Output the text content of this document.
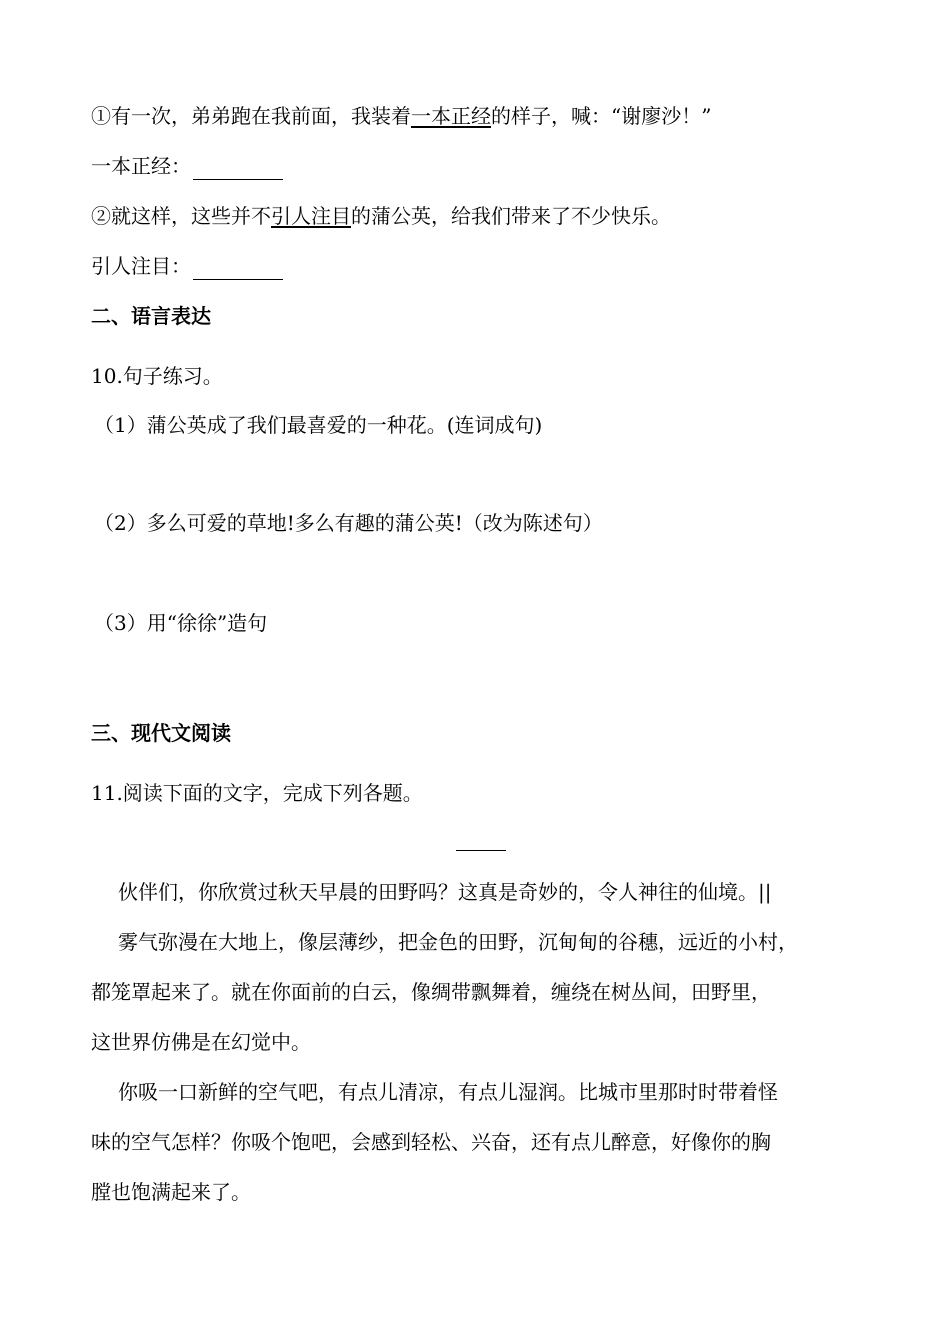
①有一次，弟弟跑在我前面，我装着一本正经的样子，喊：“谢廖沙！”
一本正经：
②就这样，这些并不引人注目的蒲公英，给我们带来了不少快乐。
引人注目：
二、语言表达
10.句子练习。
（1）蒲公英成了我们最喜爱的一种花。(连词成句)
（2）多么可爱的草地!多么有趣的蒲公英!（改为陈述句）
（3）用“徐徐”造句
三、现代文阅读
11.阅读下面的文字，完成下列各题。
伙伴们，你欣赏过秋天早晨的田野吗？这真是奇妙的，令人神往的仙境。||
雾气弥漫在大地上，像层薄纱，把金色的田野，沉甸甸的谷穗，远近的小村，
都笼罩起来了。就在你面前的白云，像绸带飘舞着，缠绕在树丛间，田野里，
这世界仿佛是在幻觉中。
你吸一口新鲜的空气吧，有点儿清凉，有点儿湿润。比城市里那时时带着怪
味的空气怎样？你吸个饱吧，会感到轻松、兴奋，还有点儿醉意，好像你的胸
膛也饱满起来了。
